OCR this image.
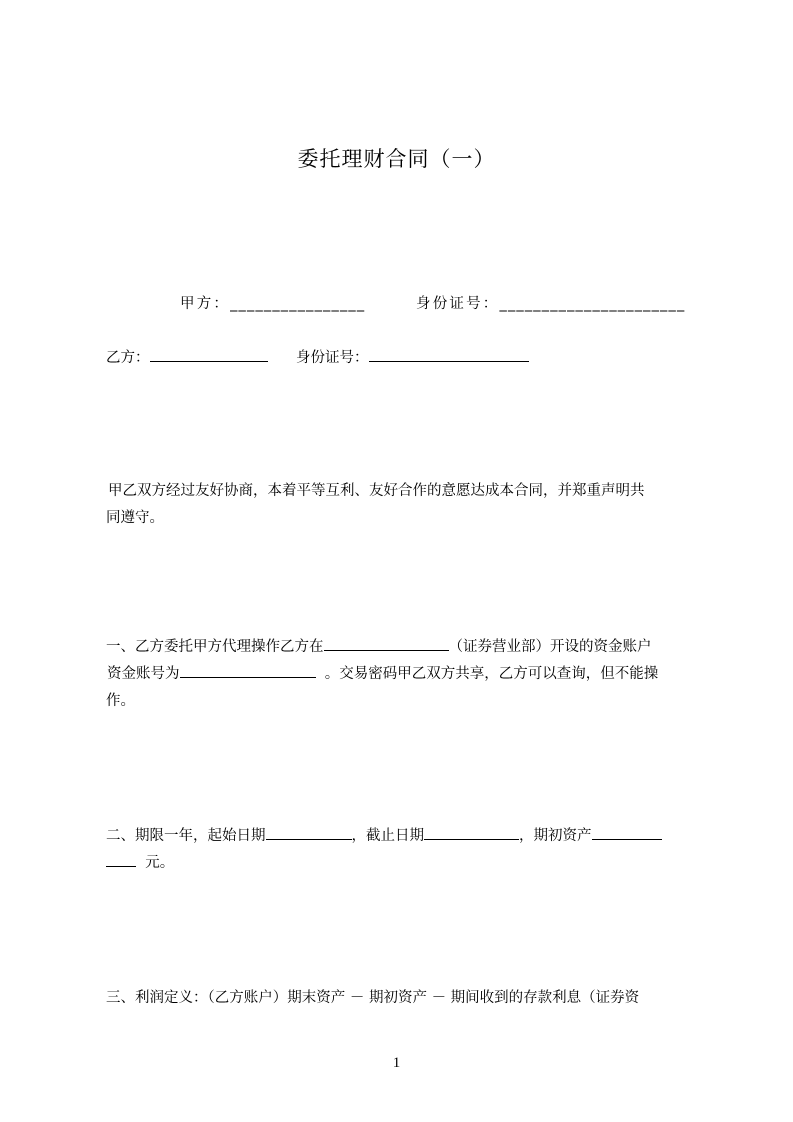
委托理财合同（一）
甲方：________________	身份证号：______________________
乙方：	身份证号：
甲乙双方经过友好协商，本着平等互利、友好合作的意愿达成本合同，并郑重声明共
同遵守。
一、乙方委托甲方代理操作乙方在	（证券营业部）开设的资金账户
资金账号为	。交易密码甲乙双方共享，乙方可以查询，但不能操
作。
二、期限一年，起始日期	，截止日期	，期初资产
元。
三、利润定义：（乙方账户）期末资产 － 期初资产 － 期间收到的存款利息（证券资
1
